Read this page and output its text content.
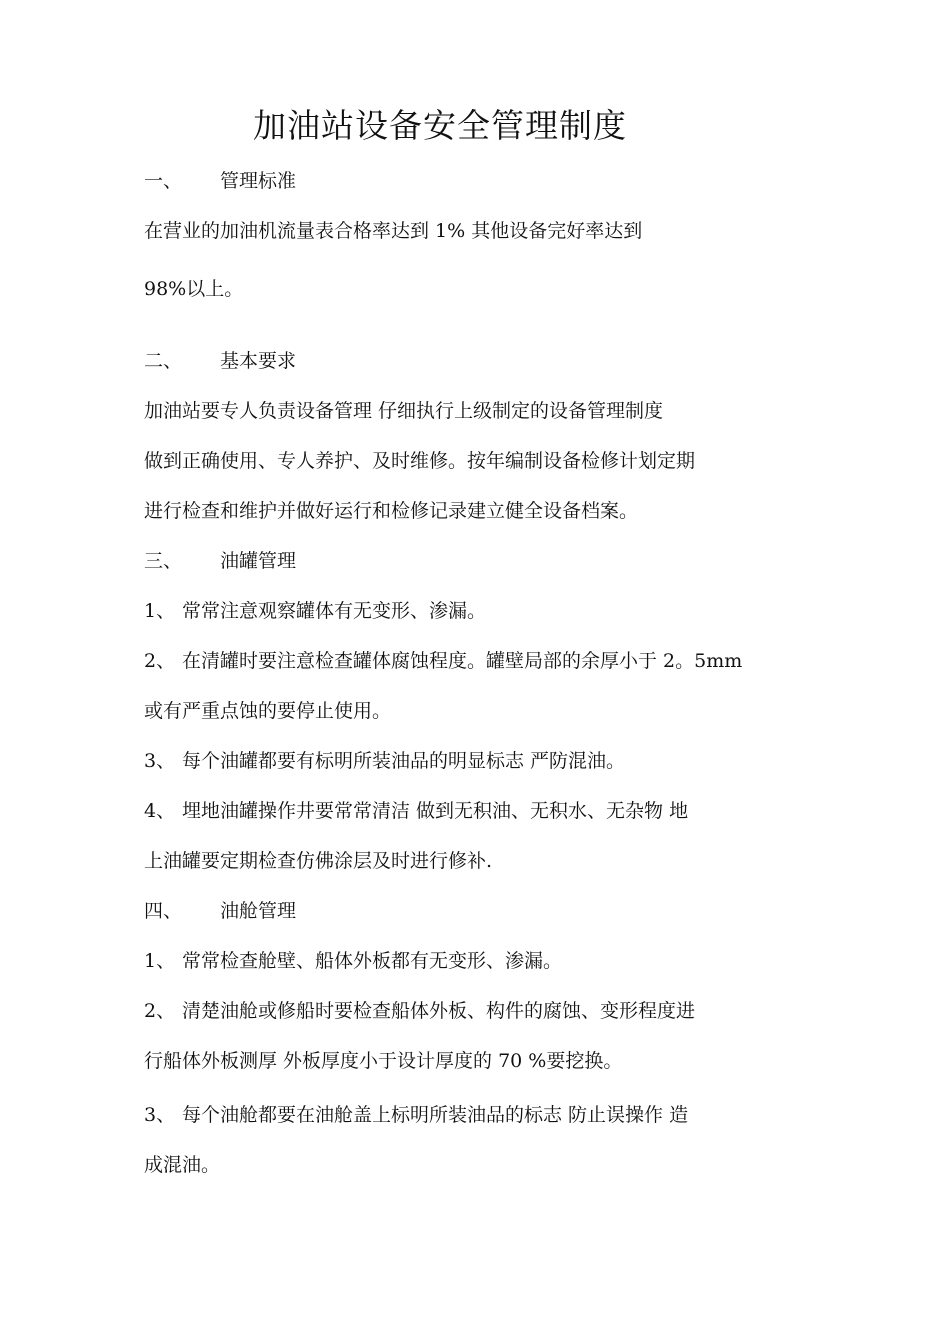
加油站设备安全管理制度
一、 管理标准
在营业的加油机流量表合格率达到 1% 其他设备完好率达到
98%以上。
二、 基本要求
加油站要专人负责设备管理 仔细执行上级制定的设备管理制度
做到正确使用、专人养护、及时维修。按年编制设备检修计划定期
进行检查和维护并做好运行和检修记录建立健全设备档案。
三、 油罐管理
1、 常常注意观察罐体有无变形、渗漏。
2、 在清罐时要注意检查罐体腐蚀程度。罐壁局部的余厚小于 2。5mm
或有严重点蚀的要停止使用。
3、 每个油罐都要有标明所装油品的明显标志 严防混油。
4、 埋地油罐操作井要常常清洁 做到无积油、无积水、无杂物 地
上油罐要定期检查仿佛涂层及时进行修补.
四、 油舱管理
1、 常常检查舱壁、船体外板都有无变形、渗漏。
2、 清楚油舱或修船时要检查船体外板、构件的腐蚀、变形程度进
行船体外板测厚 外板厚度小于设计厚度的 70 %要挖换。
3、 每个油舱都要在油舱盖上标明所装油品的标志 防止误操作 造
成混油。
